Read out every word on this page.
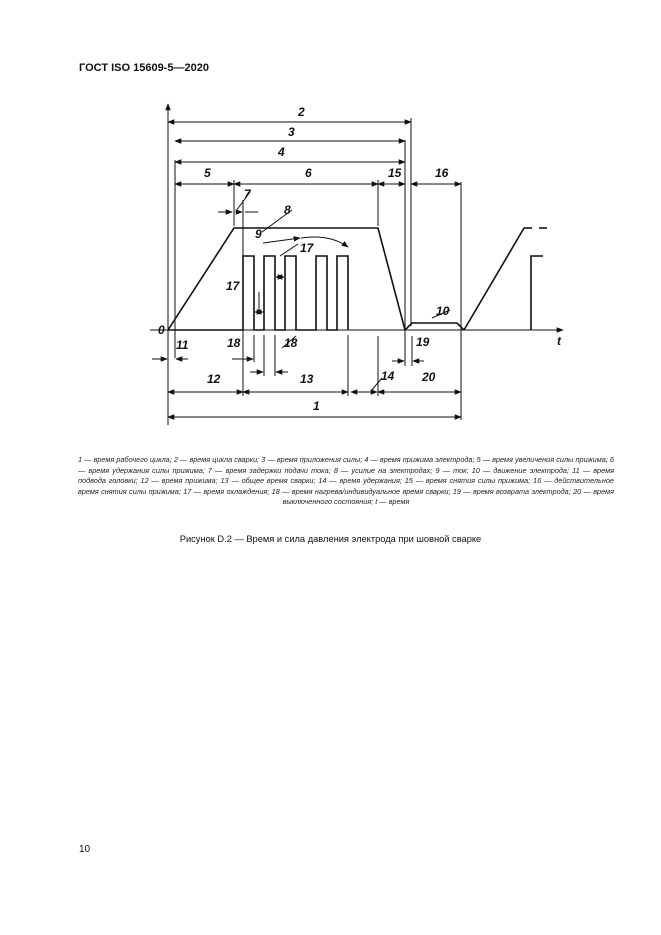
ГОСТ ISO 15609-5—2020
0
t
2
3
4
5	6	15	16
7
8
9
17
17
10
11	18	18	19
12	13	14 20
1
1 — время рабочего цикла; 2 — время цикла сварки; 3 — время приложения силы; 4 — время прижима электрода; 5 — время увеличения силы прижима; 6 — время удержания силы прижима; 7 — время задержки подачи тока; 8 — усилие на электродах; 9 — ток; 10 — движение электрода; 11 — время подвода головки; 12 — время прижима; 13 — общее время сварки; 14 — время удержания; 15 — время снятия силы прижима; 16 — действительное время снятия силы прижима; 17 — время охлаждения; 18 — время нагрева/индивидуальное время сварки; 19 — время возврата электрода; 20 — время выключенного состояния; t — время
Рисунок D.2 — Время и сила давления электрода при шовной сварке
10
